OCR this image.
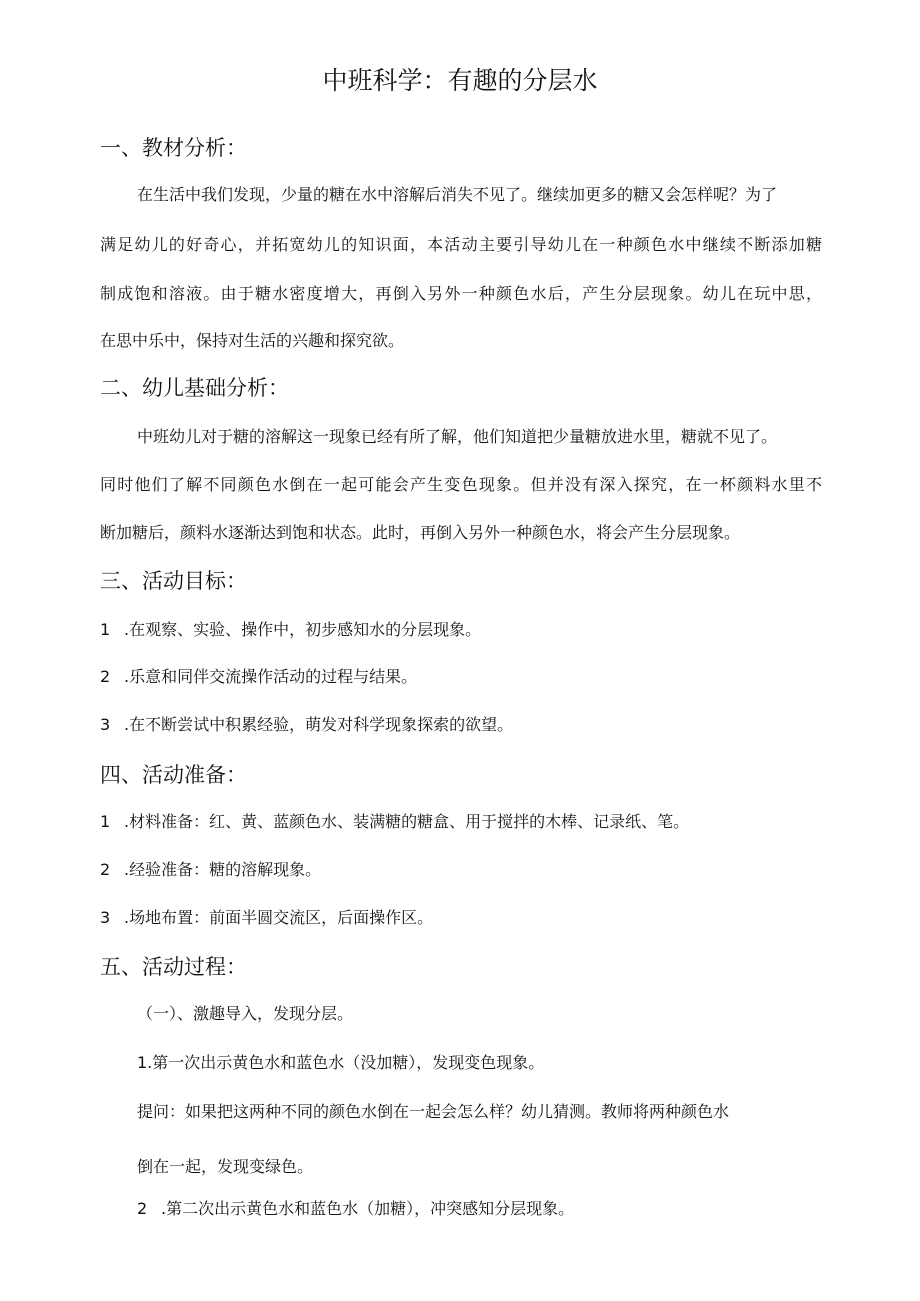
中班科学：有趣的分层水
一、教材分析：
在生活中我们发现，少量的糖在水中溶解后消失不见了。继续加更多的糖又会怎样呢？为了
满足幼儿的好奇心，并拓宽幼儿的知识面，本活动主要引导幼儿在一种颜色水中继续不断添加糖
制成饱和溶液。由于糖水密度增大，再倒入另外一种颜色水后，产生分层现象。幼儿在玩中思，
在思中乐中，保持对生活的兴趣和探究欲。
二、幼儿基础分析：
中班幼儿对于糖的溶解这一现象已经有所了解，他们知道把少量糖放进水里，糖就不见了。
同时他们了解不同颜色水倒在一起可能会产生变色现象。但并没有深入探究，在一杯颜料水里不
断加糖后，颜料水逐渐达到饱和状态。此时，再倒入另外一种颜色水，将会产生分层现象。
三、活动目标：
1 .在观察、实验、操作中，初步感知水的分层现象。
2 .乐意和同伴交流操作活动的过程与结果。
3 .在不断尝试中积累经验，萌发对科学现象探索的欲望。
四、活动准备：
1 .材料准备：红、黄、蓝颜色水、装满糖的糖盒、用于搅拌的木棒、记录纸、笔。
2 .经验准备：糖的溶解现象。
3 .场地布置：前面半圆交流区，后面操作区。
五、活动过程：
（一）、激趣导入，发现分层。
1.第一次出示黄色水和蓝色水（没加糖），发现变色现象。
提问：如果把这两种不同的颜色水倒在一起会怎么样？幼儿猜测。教师将两种颜色水
倒在一起，发现变绿色。
2 .第二次出示黄色水和蓝色水（加糖），冲突感知分层现象。
